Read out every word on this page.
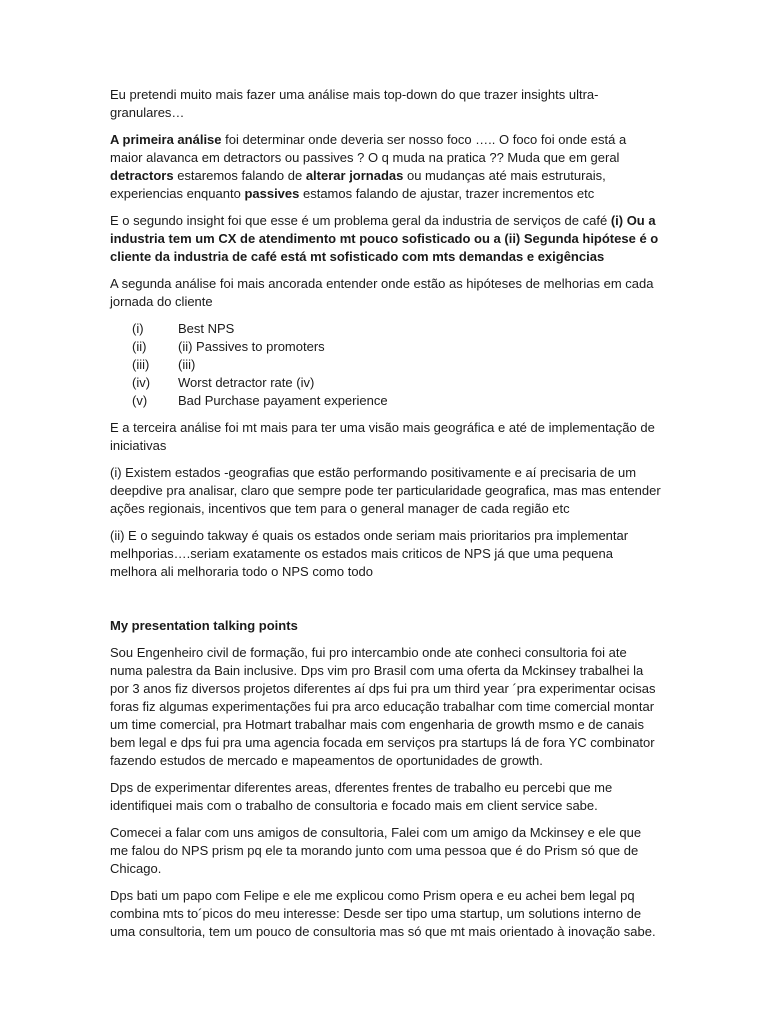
Eu pretendi muito mais fazer uma análise mais top-down do que trazer insights ultra-granulares…

A primeira análise foi determinar onde deveria ser nosso foco ….. O foco foi onde está a maior alavanca em detractors ou passives ? O q muda na pratica ?? Muda que em geral detractors estaremos falando de alterar jornadas ou mudanças até mais estruturais, experiencias enquanto passives estamos falando de ajustar, trazer incrementos etc

E o segundo insight foi que esse é um problema geral da industria de serviços de café (i) Ou a industria tem um CX de atendimento mt pouco sofisticado ou a (ii) Segunda hipótese é o cliente da industria de café está mt sofisticado com mts demandas e exigências

A segunda análise foi mais ancorada entender onde estão as hipóteses de melhorias em cada jornada do cliente

(i)	Best NPS
(ii)	(ii) Passives to promoters
(iii)	(iii)
(iv)	Worst detractor rate (iv)
(v)	Bad Purchase payament experience

E a terceira análise foi mt mais para ter uma visão mais geográfica e até de implementação de iniciativas

(i) Existem estados -geografias que estão performando positivamente e aí precisaria de um deepdive pra analisar, claro que sempre pode ter particularidade geografica, mas mas entender ações regionais, incentivos que tem para o general manager de cada região etc

(ii) E o seguindo takway é quais os estados onde seriam mais prioritarios pra implementar melhporias….seriam exatamente os estados mais criticos de NPS já que uma pequena melhora ali melhoraria todo o NPS como todo

My presentation talking points

Sou Engenheiro civil de formação, fui pro intercambio onde ate conheci consultoria foi ate numa palestra da Bain inclusive. Dps vim pro Brasil com uma oferta da Mckinsey trabalhei la por 3 anos fiz diversos projetos diferentes aí dps fui pra um third year ´pra experimentar ocisas foras fiz algumas experimentações fui pra arco educação trabalhar com time comercial montar um time comercial, pra Hotmart trabalhar mais com engenharia de growth msmo e de canais bem legal e dps fui pra uma agencia focada em serviços pra startups lá de fora YC combinator fazendo estudos de mercado e mapeamentos de oportunidades de growth.

Dps de experimentar diferentes areas, dferentes frentes de trabalho eu percebi que me identifiquei mais com o trabalho de consultoria e focado mais em client service sabe.

Comecei a falar com uns amigos de consultoria, Falei com um amigo da Mckinsey e ele que me falou do NPS prism pq ele ta morando junto com uma pessoa que é do Prism só que de Chicago.

Dps bati um papo com Felipe e ele me explicou como Prism opera e eu achei bem legal pq combina mts to´picos do meu interesse: Desde ser tipo uma startup, um solutions interno de uma consultoria, tem um pouco de consultoria mas só que mt mais orientado à inovação sabe.
